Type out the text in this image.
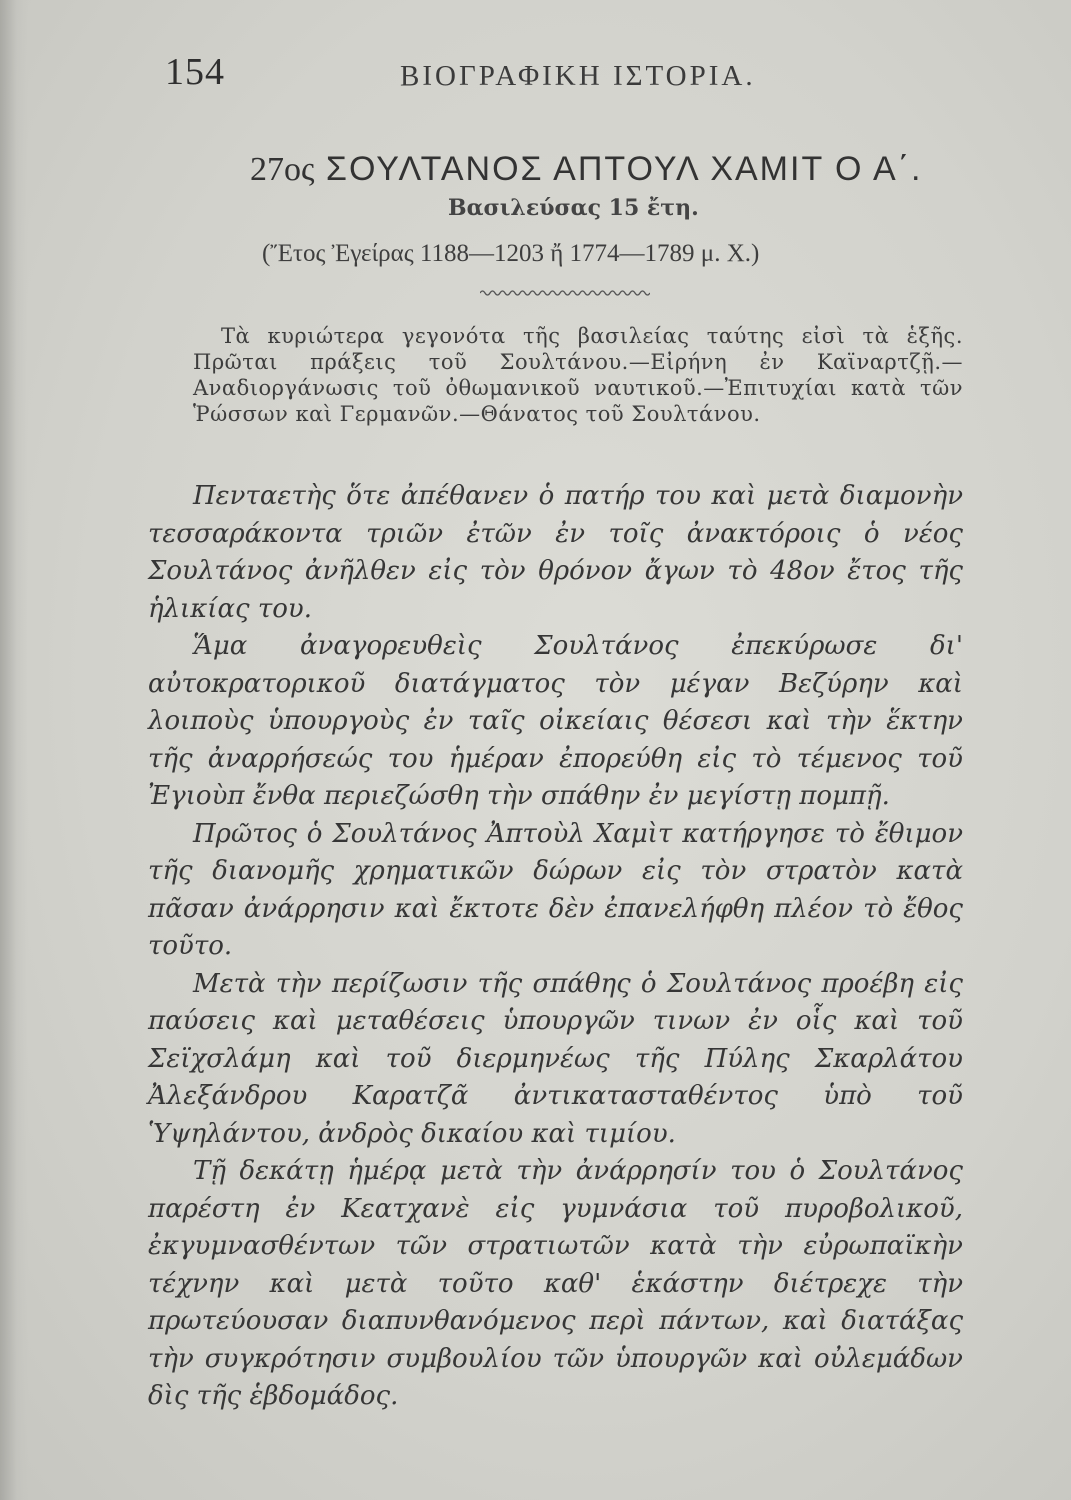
154	ΒΙΟΓΡΑΦΙΚΗ ΙΣΤΟΡΙΑ.
27ος ΣΟΥΛΤΑΝΟΣ ΑΠΤΟΥΛ ΧΑΜΙΤ Ο Α΄.
Βασιλεύσας 15 ἔτη.
(Ἔτος Ἐγείρας 1188—1203 ἤ 1774—1789 μ. Χ.)
Τὰ κυριώτερα γεγονότα τῆς βασιλείας ταύτης εἰσὶ τὰ ἑξῆς. Πρῶται πράξεις τοῦ Σουλτάνου.—Εἰρήνη ἐν Καϊναρτζῇ.— Αναδιοργάνωσις τοῦ ὀθωμανικοῦ ναυτικοῦ.—Ἐπιτυχίαι κατὰ τῶν Ῥώσσων καὶ Γερμανῶν.—Θάνατος τοῦ Σουλτάνου.

Πενταετὴς ὅτε ἀπέθανεν ὁ πατήρ του καὶ μετὰ διαμονὴν τεσσαράκοντα τριῶν ἐτῶν ἐν τοῖς ἀνακτόροις ὁ νέος Σουλτάνος ἀνῆλθεν εἰς τὸν θρόνον ἄγων τὸ 48ον ἔτος τῆς ἡλικίας του.

Ἅμα ἀναγορευθεὶς Σουλτάνος ἐπεκύρωσε δι' αὐτοκρατορικοῦ διατάγματος τὸν μέγαν Βεζύρην καὶ λοιποὺς ὑπουργοὺς ἐν ταῖς οἰκείαις θέσεσι καὶ τὴν ἕκτην τῆς ἀναρρήσεώς του ἡμέραν ἐπορεύθη εἰς τὸ τέμενος τοῦ Ἐγιοὺπ ἔνθα περιεζώσθη τὴν σπάθην ἐν μεγίστῃ πομπῇ.

Πρῶτος ὁ Σουλτάνος Ἀπτοὺλ Χαμὶτ κατήργησε τὸ ἔθιμον τῆς διανομῆς χρηματικῶν δώρων εἰς τὸν στρατὸν κατὰ πᾶσαν ἀνάρρησιν καὶ ἔκτοτε δὲν ἐπανελήφθη πλέον τὸ ἔθος τοῦτο.

Μετὰ τὴν περίζωσιν τῆς σπάθης ὁ Σουλτάνος προέβη εἰς παύσεις καὶ μεταθέσεις ὑπουργῶν τινων ἐν οἷς καὶ τοῦ Σεϊχσλάμη καὶ τοῦ διερμηνέως τῆς Πύλης Σκαρλάτου Ἀλεξάνδρου Καρατζᾶ ἀντικατασταθέντος ὑπὸ τοῦ Ὑψηλάντου, ἀνδρὸς δικαίου καὶ τιμίου.

Τῇ δεκάτῃ ἡμέρᾳ μετὰ τὴν ἀνάρρησίν του ὁ Σουλτάνος παρέστη ἐν Κεατχανὲ εἰς γυμνάσια τοῦ πυροβολικοῦ, ἐκγυμνασθέντων τῶν στρατιωτῶν κατὰ τὴν εὐρωπαϊκὴν τέχνην καὶ μετὰ τοῦτο καθ' ἑκάστην διέτρεχε τὴν πρωτεύουσαν διαπυνθανόμενος περὶ πάντων, καὶ διατάξας τὴν συγκρότησιν συμβουλίου τῶν ὑπουργῶν καὶ οὐλεμάδων δὶς τῆς ἑβδομάδος.
